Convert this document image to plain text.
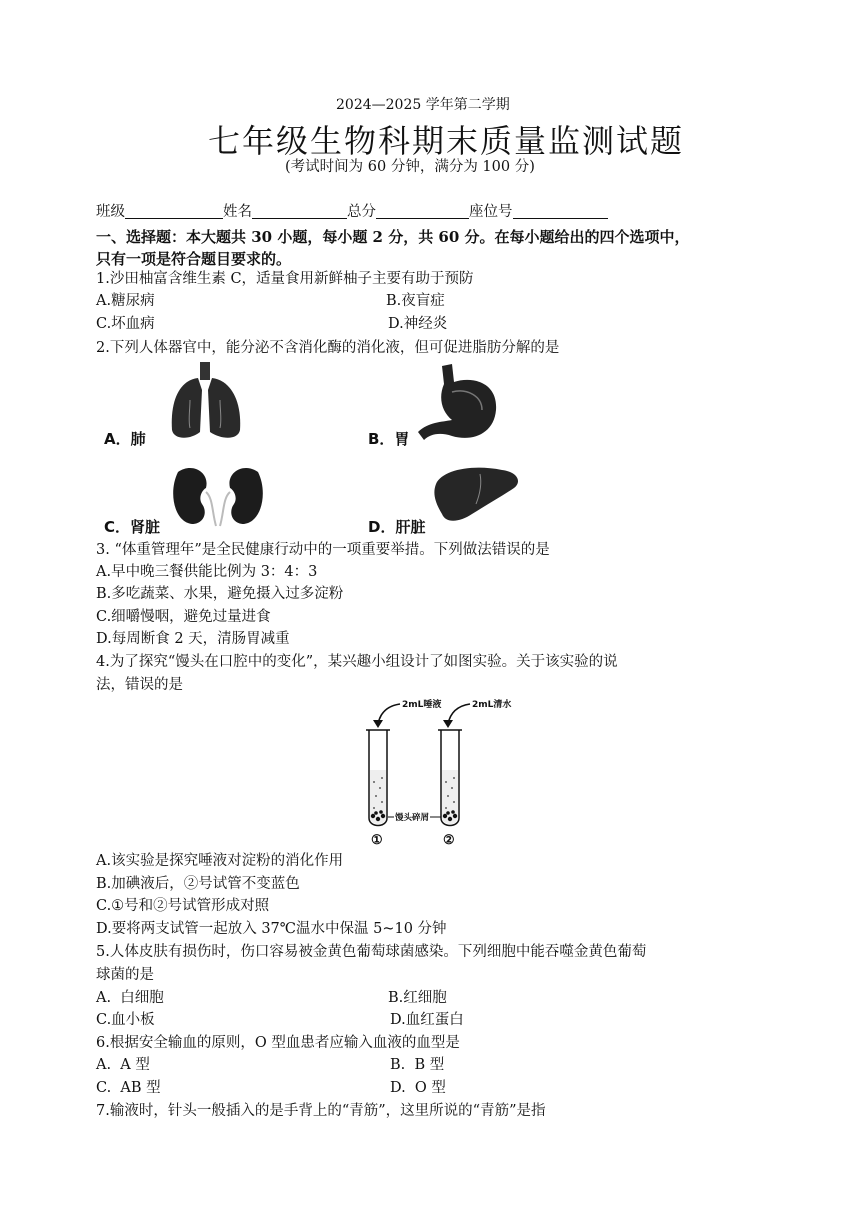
2024—2025 学年第二学期
七年级生物科期末质量监测试题
(考试时间为 60 分钟，满分为 100 分)
班级	姓名	总分	座位号
一、选择题：本大题共 30 小题，每小题 2 分，共 60 分。在每小题给出的四个选项中，
只有一项是符合题目要求的。
1.沙田柚富含维生素 C，适量食用新鲜柚子主要有助于预防
A.糖尿病	B.夜盲症
C.坏血病	D.神经炎
2.下列人体器官中，能分泌不含消化酶的消化液，但可促进脂肪分解的是
A．肺	B．胃
C．肾脏	D．肝脏
3. “体重管理年”是全民健康行动中的一项重要举措。下列做法错误的是
A.早中晚三餐供能比例为 3：4：3
B.多吃蔬菜、水果，避免摄入过多淀粉
C.细嚼慢咽，避免过量进食
D.每周断食 2 天，清肠胃减重
4.为了探究“馒头在口腔中的变化”，某兴趣小组设计了如图实验。关于该实验的说
法，错误的是
2mL唾液	2mL清水
馒头碎屑
①	②
A.该实验是探究唾液对淀粉的消化作用
B.加碘液后，②号试管不变蓝色
C.①号和②号试管形成对照
D.要将两支试管一起放入 37℃温水中保温 5~10 分钟
5.人体皮肤有损伤时，伤口容易被金黄色葡萄球菌感染。下列细胞中能吞噬金黄色葡萄
球菌的是
A.  白细胞	B.红细胞
C.血小板	D.血红蛋白
6.根据安全输血的原则，O 型血患者应输入血液的血型是
A.  A 型	B.  B 型
C.  AB 型	D.  O 型
7.输液时，针头一般插入的是手背上的“青筋”，这里所说的“青筋”是指
